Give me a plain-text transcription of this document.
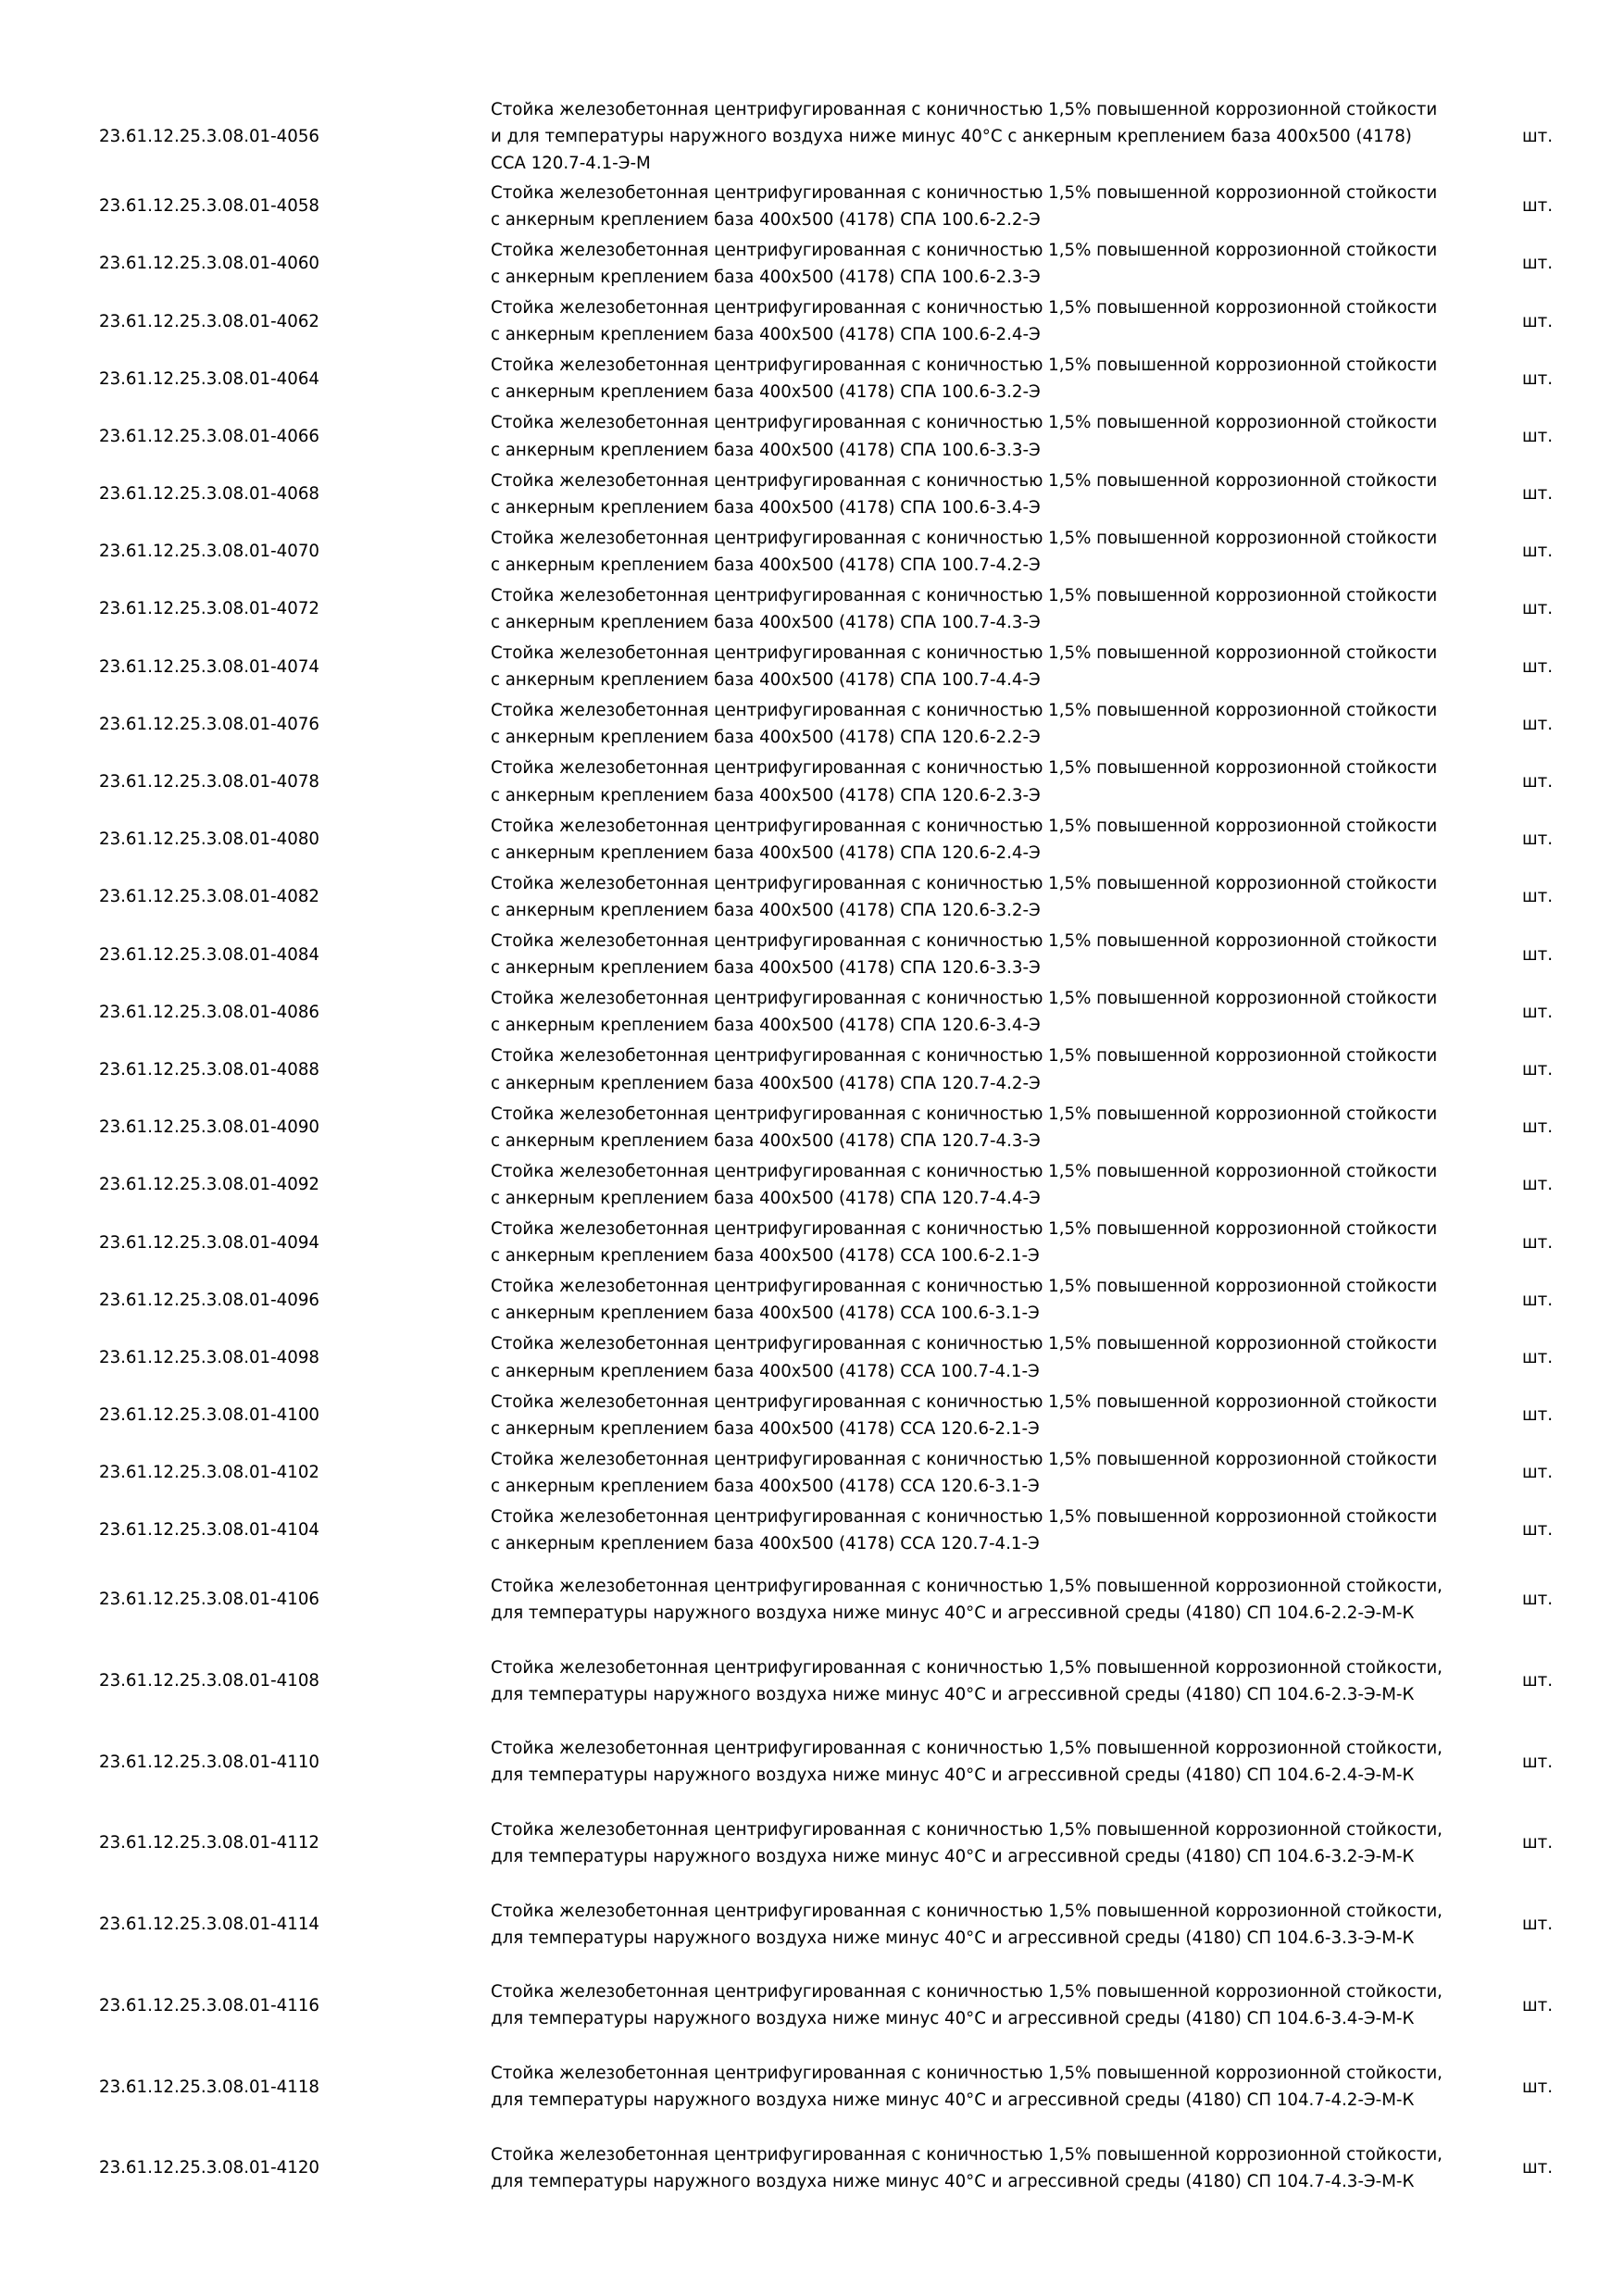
23.61.12.25.3.08.01-4056	Стойка железобетонная центрифугированная с коничностью 1,5% повышенной коррозионной стойкости и для температуры наружного воздуха ниже минус 40°С с анкерным креплением база 400х500 (4178) ССА 120.7-4.1-Э-М	шт.
23.61.12.25.3.08.01-4058	Стойка железобетонная центрифугированная с коничностью 1,5% повышенной коррозионной стойкости с анкерным креплением база 400х500 (4178) СПА 100.6-2.2-Э	шт.
23.61.12.25.3.08.01-4060	Стойка железобетонная центрифугированная с коничностью 1,5% повышенной коррозионной стойкости с анкерным креплением база 400х500 (4178) СПА 100.6-2.3-Э	шт.
23.61.12.25.3.08.01-4062	Стойка железобетонная центрифугированная с коничностью 1,5% повышенной коррозионной стойкости с анкерным креплением база 400х500 (4178) СПА 100.6-2.4-Э	шт.
23.61.12.25.3.08.01-4064	Стойка железобетонная центрифугированная с коничностью 1,5% повышенной коррозионной стойкости с анкерным креплением база 400х500 (4178) СПА 100.6-3.2-Э	шт.
23.61.12.25.3.08.01-4066	Стойка железобетонная центрифугированная с коничностью 1,5% повышенной коррозионной стойкости с анкерным креплением база 400х500 (4178) СПА 100.6-3.3-Э	шт.
23.61.12.25.3.08.01-4068	Стойка железобетонная центрифугированная с коничностью 1,5% повышенной коррозионной стойкости с анкерным креплением база 400х500 (4178) СПА 100.6-3.4-Э	шт.
23.61.12.25.3.08.01-4070	Стойка железобетонная центрифугированная с коничностью 1,5% повышенной коррозионной стойкости с анкерным креплением база 400х500 (4178) СПА 100.7-4.2-Э	шт.
23.61.12.25.3.08.01-4072	Стойка железобетонная центрифугированная с коничностью 1,5% повышенной коррозионной стойкости с анкерным креплением база 400х500 (4178) СПА 100.7-4.3-Э	шт.
23.61.12.25.3.08.01-4074	Стойка железобетонная центрифугированная с коничностью 1,5% повышенной коррозионной стойкости с анкерным креплением база 400х500 (4178) СПА 100.7-4.4-Э	шт.
23.61.12.25.3.08.01-4076	Стойка железобетонная центрифугированная с коничностью 1,5% повышенной коррозионной стойкости с анкерным креплением база 400х500 (4178) СПА 120.6-2.2-Э	шт.
23.61.12.25.3.08.01-4078	Стойка железобетонная центрифугированная с коничностью 1,5% повышенной коррозионной стойкости с анкерным креплением база 400х500 (4178) СПА 120.6-2.3-Э	шт.
23.61.12.25.3.08.01-4080	Стойка железобетонная центрифугированная с коничностью 1,5% повышенной коррозионной стойкости с анкерным креплением база 400х500 (4178) СПА 120.6-2.4-Э	шт.
23.61.12.25.3.08.01-4082	Стойка железобетонная центрифугированная с коничностью 1,5% повышенной коррозионной стойкости с анкерным креплением база 400х500 (4178) СПА 120.6-3.2-Э	шт.
23.61.12.25.3.08.01-4084	Стойка железобетонная центрифугированная с коничностью 1,5% повышенной коррозионной стойкости с анкерным креплением база 400х500 (4178) СПА 120.6-3.3-Э	шт.
23.61.12.25.3.08.01-4086	Стойка железобетонная центрифугированная с коничностью 1,5% повышенной коррозионной стойкости с анкерным креплением база 400х500 (4178) СПА 120.6-3.4-Э	шт.
23.61.12.25.3.08.01-4088	Стойка железобетонная центрифугированная с коничностью 1,5% повышенной коррозионной стойкости с анкерным креплением база 400х500 (4178) СПА 120.7-4.2-Э	шт.
23.61.12.25.3.08.01-4090	Стойка железобетонная центрифугированная с коничностью 1,5% повышенной коррозионной стойкости с анкерным креплением база 400х500 (4178) СПА 120.7-4.3-Э	шт.
23.61.12.25.3.08.01-4092	Стойка железобетонная центрифугированная с коничностью 1,5% повышенной коррозионной стойкости с анкерным креплением база 400х500 (4178) СПА 120.7-4.4-Э	шт.
23.61.12.25.3.08.01-4094	Стойка железобетонная центрифугированная с коничностью 1,5% повышенной коррозионной стойкости с анкерным креплением база 400х500 (4178) ССА 100.6-2.1-Э	шт.
23.61.12.25.3.08.01-4096	Стойка железобетонная центрифугированная с коничностью 1,5% повышенной коррозионной стойкости с анкерным креплением база 400х500 (4178) ССА 100.6-3.1-Э	шт.
23.61.12.25.3.08.01-4098	Стойка железобетонная центрифугированная с коничностью 1,5% повышенной коррозионной стойкости с анкерным креплением база 400х500 (4178) ССА 100.7-4.1-Э	шт.
23.61.12.25.3.08.01-4100	Стойка железобетонная центрифугированная с коничностью 1,5% повышенной коррозионной стойкости с анкерным креплением база 400х500 (4178) ССА 120.6-2.1-Э	шт.
23.61.12.25.3.08.01-4102	Стойка железобетонная центрифугированная с коничностью 1,5% повышенной коррозионной стойкости с анкерным креплением база 400х500 (4178) ССА 120.6-3.1-Э	шт.
23.61.12.25.3.08.01-4104	Стойка железобетонная центрифугированная с коничностью 1,5% повышенной коррозионной стойкости с анкерным креплением база 400х500 (4178) ССА 120.7-4.1-Э	шт.
23.61.12.25.3.08.01-4106	Стойка железобетонная центрифугированная с коничностью 1,5% повышенной коррозионной стойкости, для температуры наружного воздуха ниже минус 40°С и агрессивной среды (4180) СП 104.6-2.2-Э-М-К	шт.
23.61.12.25.3.08.01-4108	Стойка железобетонная центрифугированная с коничностью 1,5% повышенной коррозионной стойкости, для температуры наружного воздуха ниже минус 40°С и агрессивной среды (4180) СП 104.6-2.3-Э-М-К	шт.
23.61.12.25.3.08.01-4110	Стойка железобетонная центрифугированная с коничностью 1,5% повышенной коррозионной стойкости, для температуры наружного воздуха ниже минус 40°С и агрессивной среды (4180) СП 104.6-2.4-Э-М-К	шт.
23.61.12.25.3.08.01-4112	Стойка железобетонная центрифугированная с коничностью 1,5% повышенной коррозионной стойкости, для температуры наружного воздуха ниже минус 40°С и агрессивной среды (4180) СП 104.6-3.2-Э-М-К	шт.
23.61.12.25.3.08.01-4114	Стойка железобетонная центрифугированная с коничностью 1,5% повышенной коррозионной стойкости, для температуры наружного воздуха ниже минус 40°С и агрессивной среды (4180) СП 104.6-3.3-Э-М-К	шт.
23.61.12.25.3.08.01-4116	Стойка железобетонная центрифугированная с коничностью 1,5% повышенной коррозионной стойкости, для температуры наружного воздуха ниже минус 40°С и агрессивной среды (4180) СП 104.6-3.4-Э-М-К	шт.
23.61.12.25.3.08.01-4118	Стойка железобетонная центрифугированная с коничностью 1,5% повышенной коррозионной стойкости, для температуры наружного воздуха ниже минус 40°С и агрессивной среды (4180) СП 104.7-4.2-Э-М-К	шт.
23.61.12.25.3.08.01-4120	Стойка железобетонная центрифугированная с коничностью 1,5% повышенной коррозионной стойкости, для температуры наружного воздуха ниже минус 40°С и агрессивной среды (4180) СП 104.7-4.3-Э-М-К	шт.
